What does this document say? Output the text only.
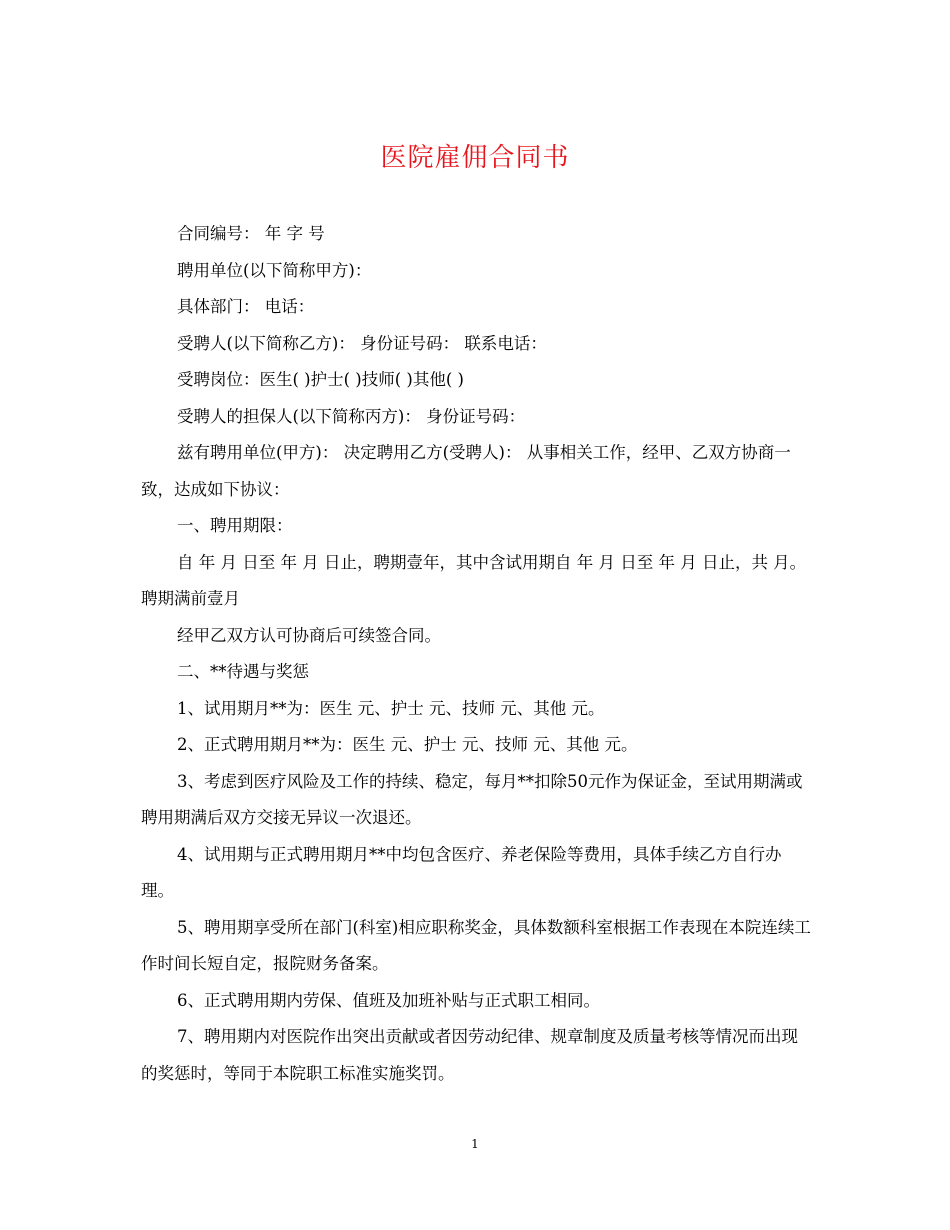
医院雇佣合同书

合同编号： 年 字 号

聘用单位(以下简称甲方)：

具体部门： 电话：

受聘人(以下简称乙方)： 身份证号码： 联系电话：

受聘岗位：医生( )护士( )技师( )其他( )

受聘人的担保人(以下简称丙方)： 身份证号码：

兹有聘用单位(甲方)： 决定聘用乙方(受聘人)： 从事相关工作，经甲、乙双方协商一致，达成如下协议：

一、聘用期限：

自 年 月 日至 年 月 日止，聘期壹年，其中含试用期自 年 月 日至 年 月 日止，共 月。聘期满前壹月

经甲乙双方认可协商后可续签合同。

二、**待遇与奖惩

1、试用期月**为：医生 元、护士 元、技师 元、其他 元。

2、正式聘用期月**为：医生 元、护士 元、技师 元、其他 元。

3、考虑到医疗风险及工作的持续、稳定，每月**扣除50元作为保证金，至试用期满或聘用期满后双方交接无异议一次退还。

4、试用期与正式聘用期月**中均包含医疗、养老保险等费用，具体手续乙方自行办理。

5、聘用期享受所在部门(科室)相应职称奖金，具体数额科室根据工作表现在本院连续工作时间长短自定，报院财务备案。

6、正式聘用期内劳保、值班及加班补贴与正式职工相同。

7、聘用期内对医院作出突出贡献或者因劳动纪律、规章制度及质量考核等情况而出现的奖惩时，等同于本院职工标准实施奖罚。

1
